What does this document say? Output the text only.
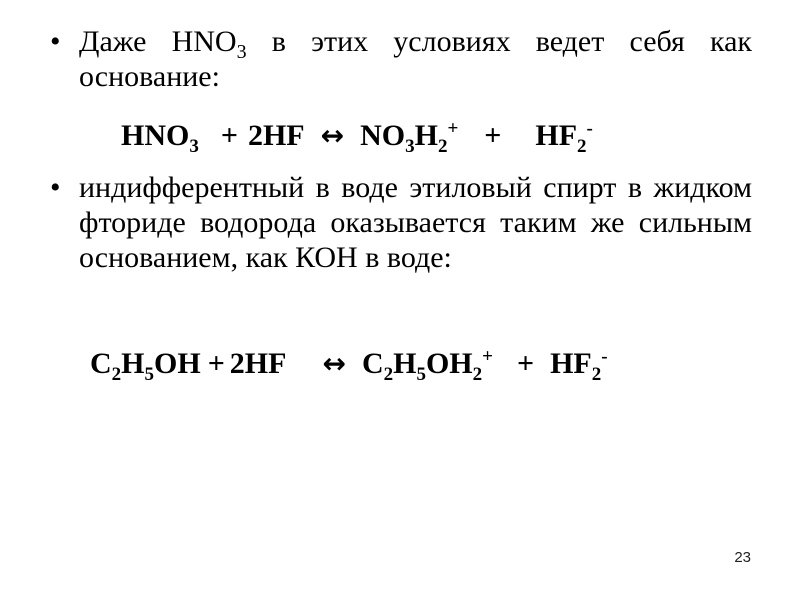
• Даже $HNO_3$ в этих условиях ведет себя как основание:
$HNO_3 + 2HF$ ↔ $NO_3H_2^+ + HF_2^-$
• индифферентный в воде этиловый спирт в жидком фториде водорода оказывается таким же сильным основанием, как КОН в воде:
$C_2H_5OH + 2HF$ ↔ $C_2H_5OH_2^+ + HF_2^-$
23
